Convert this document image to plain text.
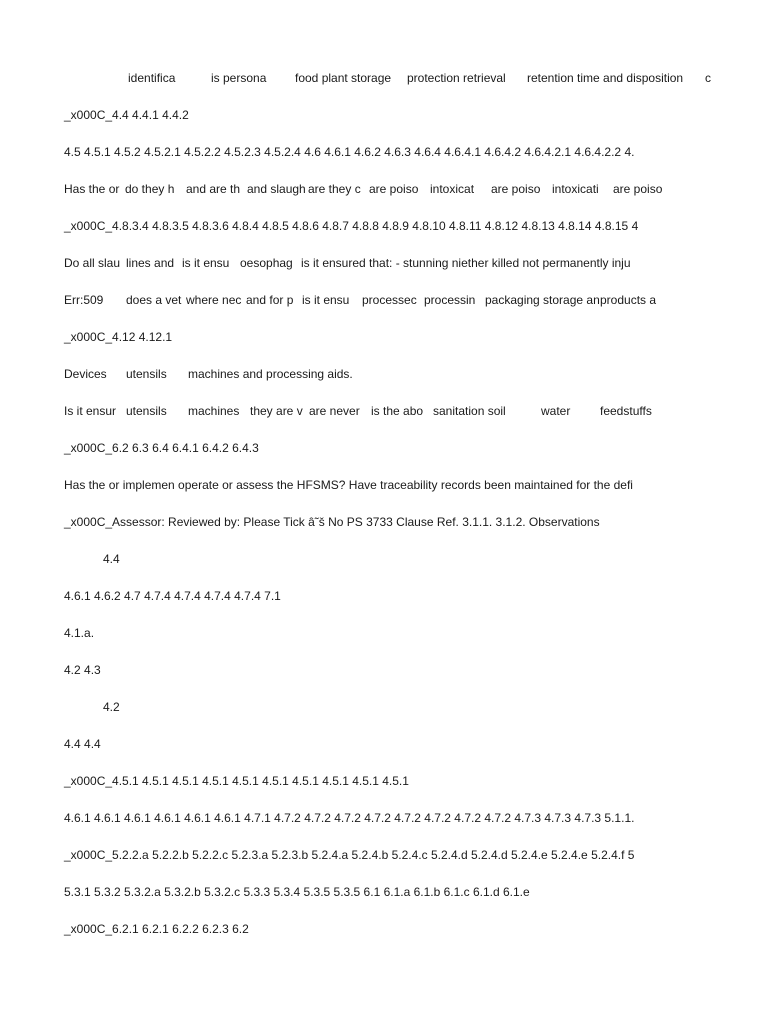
identifica	is persona food plant storage protection retrieval retention time and disposition c
_x000C_4.4 4.4.1 4.4.2
4.5 4.5.1 4.5.2 4.5.2.1 4.5.2.2 4.5.2.3 4.5.2.4 4.6 4.6.1 4.6.2 4.6.3 4.6.4 4.6.4.1 4.6.4.2 4.6.4.2.1 4.6.4.2.2 4.
Has the or do they h and are th and slaugh are they c are poiso intoxicat are poiso intoxicati are poiso
_x000C_4.8.3.4 4.8.3.5 4.8.3.6 4.8.4 4.8.5 4.8.6 4.8.7 4.8.8 4.8.9 4.8.10 4.8.11 4.8.12 4.8.13 4.8.14 4.8.15 4
Do all slau lines and is it ensu oesophag is it ensured that: - stunning niether killed not permanently inju
Err:509 does a vet where nec and for p is it ensu processec processin packaging storage anproducts a
_x000C_4.12 4.12.1
Devices utensils machines and processing aids.
Is it ensur utensils machines they are v are never is the abo sanitation soil	water feedstuffs
_x000C_6.2 6.3 6.4 6.4.1 6.4.2 6.4.3
Has the or implemen operate or assess the HFSMS? Have traceability records been maintained for the defi
_x000C_Assessor: Reviewed by: Please Tick â˜š No PS 3733 Clause Ref. 3.1.1. 3.1.2. Observations
4.4
4.6.1 4.6.2 4.7 4.7.4 4.7.4 4.7.4 4.7.4 7.1
4.1.a.
4.2 4.3
4.2
4.4 4.4
_x000C_4.5.1 4.5.1 4.5.1 4.5.1 4.5.1 4.5.1 4.5.1 4.5.1 4.5.1 4.5.1
4.6.1 4.6.1 4.6.1 4.6.1 4.6.1 4.6.1 4.7.1 4.7.2 4.7.2 4.7.2 4.7.2 4.7.2 4.7.2 4.7.2 4.7.2 4.7.3 4.7.3 4.7.3 5.1.1.
_x000C_5.2.2.a 5.2.2.b 5.2.2.c 5.2.3.a 5.2.3.b 5.2.4.a 5.2.4.b 5.2.4.c 5.2.4.d 5.2.4.d 5.2.4.e 5.2.4.e 5.2.4.f 5
5.3.1 5.3.2 5.3.2.a 5.3.2.b 5.3.2.c 5.3.3 5.3.4 5.3.5 5.3.5 6.1 6.1.a 6.1.b 6.1.c 6.1.d 6.1.e
_x000C_6.2.1 6.2.1 6.2.2 6.2.3 6.2
